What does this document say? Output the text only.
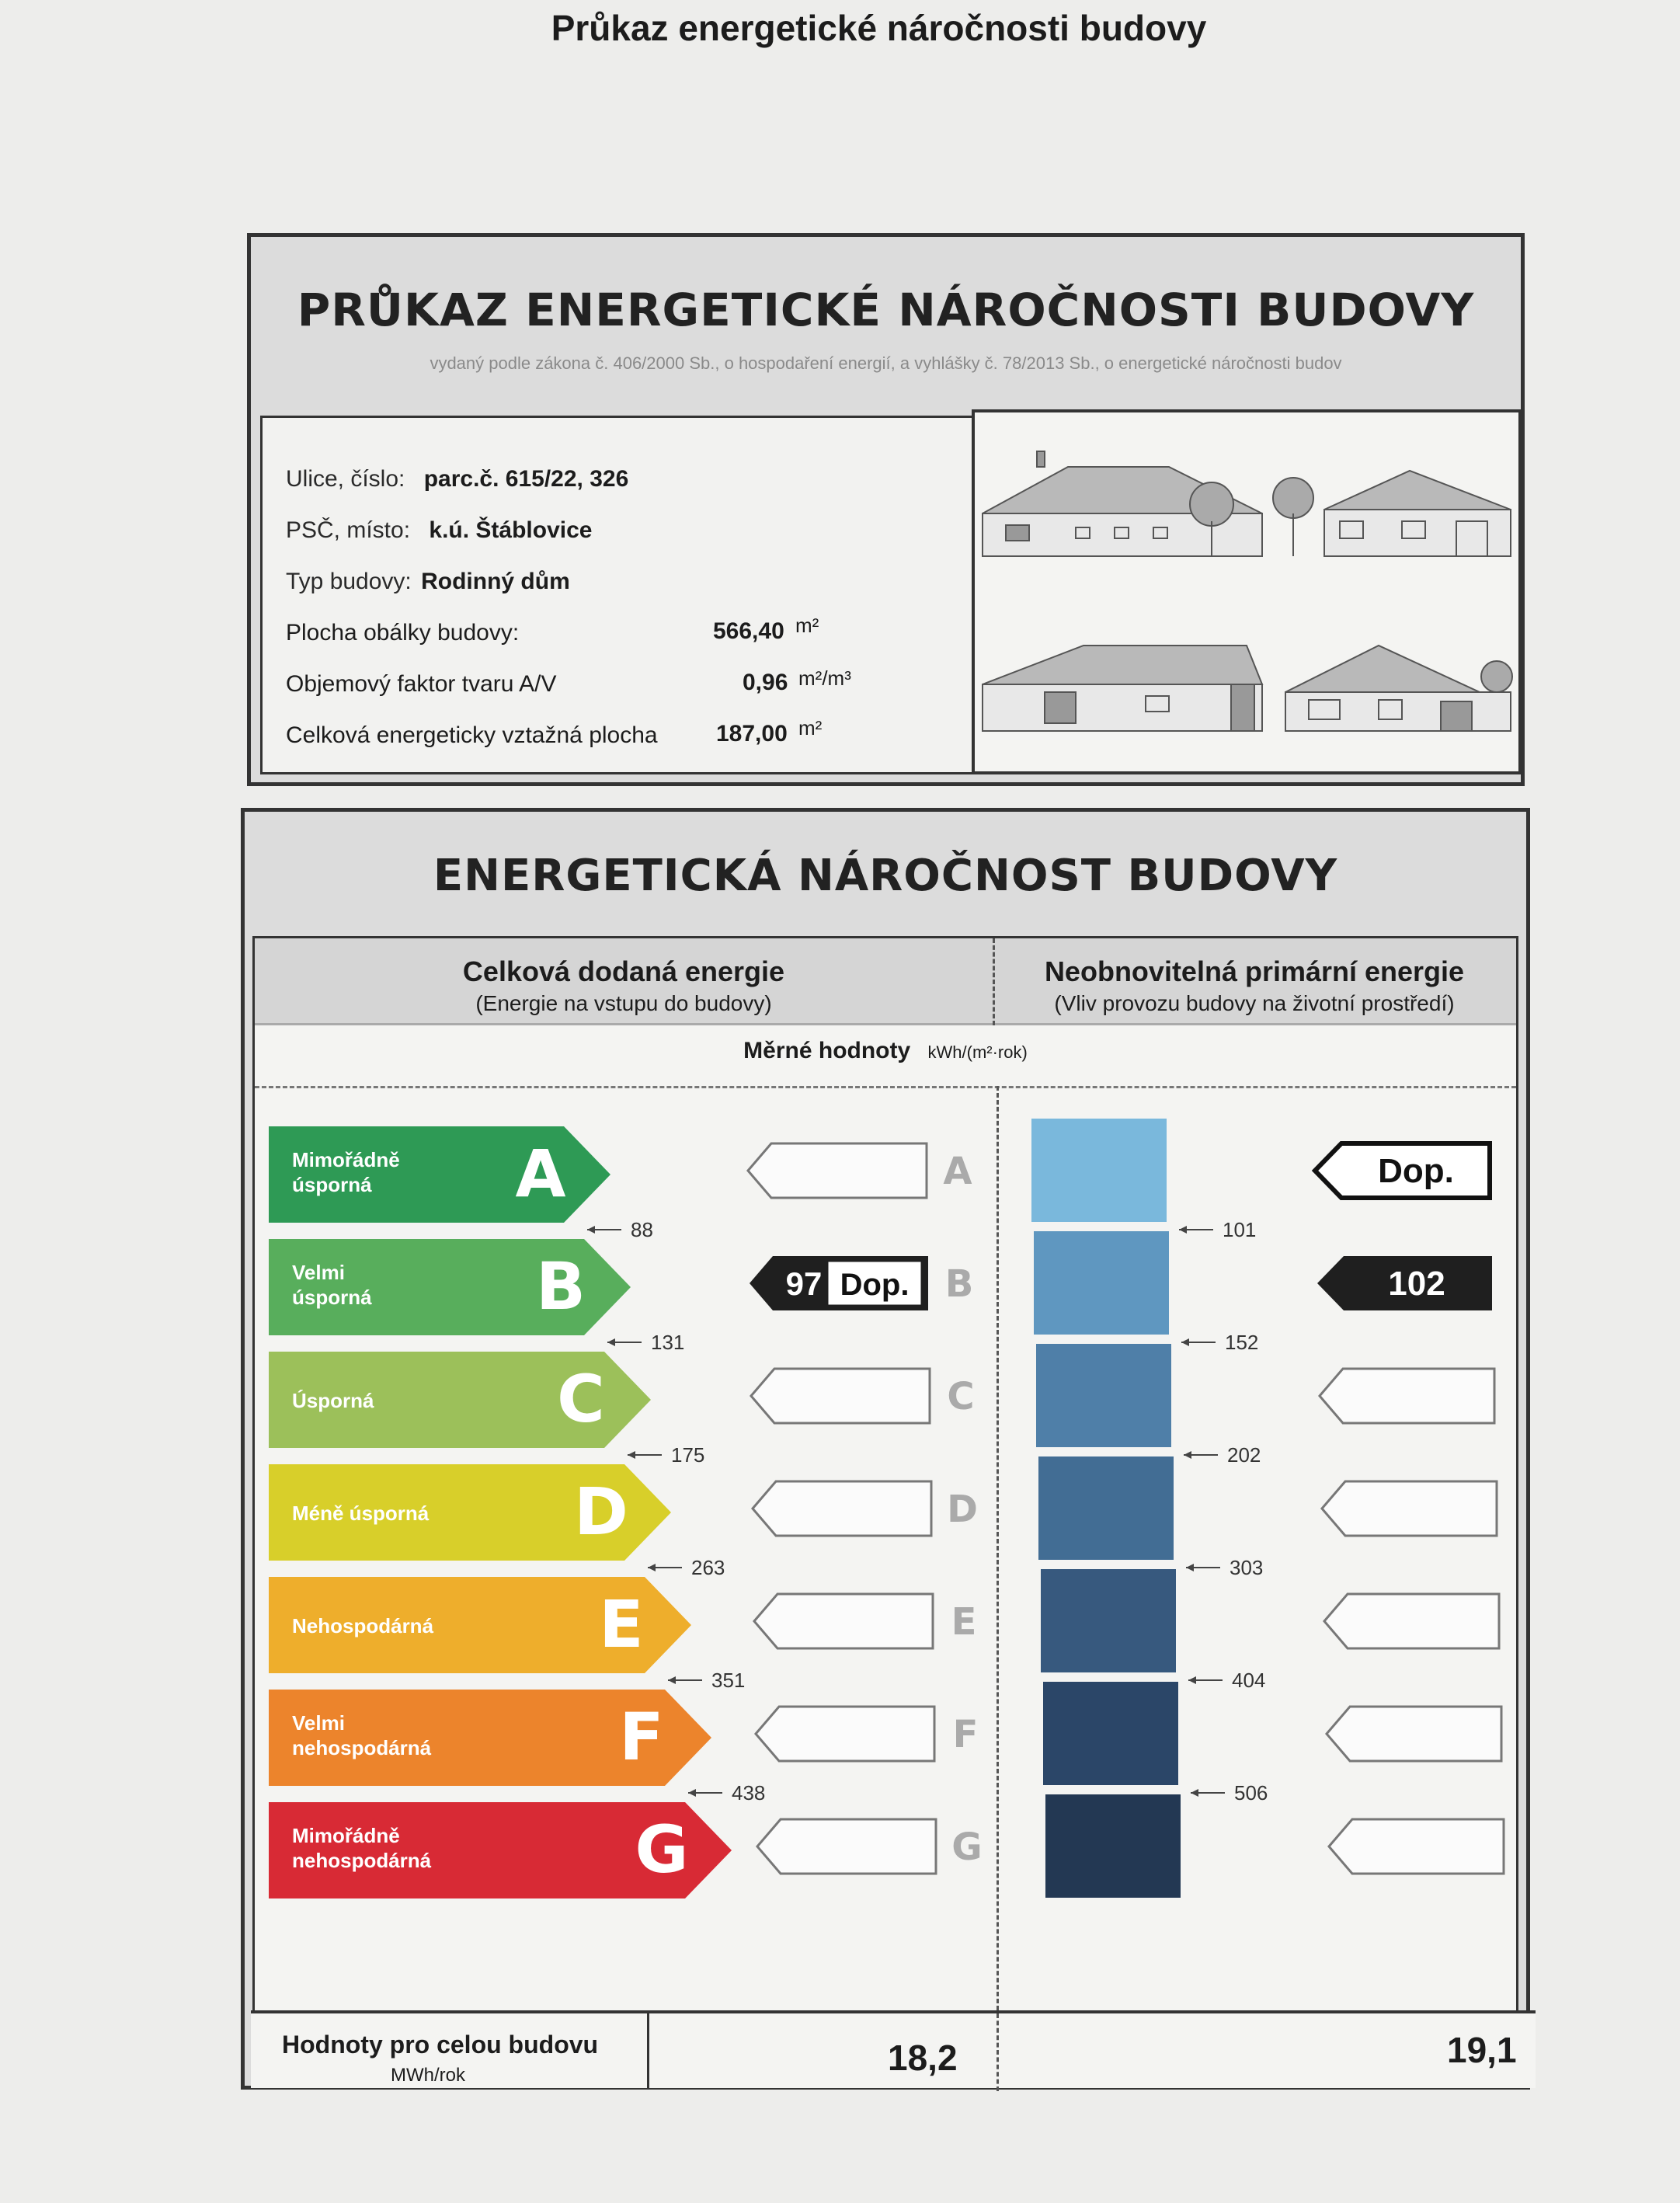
Průkaz energetické náročnosti budovy
PRŮKAZ ENERGETICKÉ NÁROČNOSTI BUDOVY
vydaný podle zákona č. 406/2000 Sb., o hospodaření energií, a vyhlášky č. 78/2013 Sb., o energetické náročnosti budov
Ulice, číslo: parc.č. 615/22, 326
PSČ, místo: k.ú. Štáblovice
Typ budovy: Rodinný dům
Plocha obálky budovy:	566,40 m²
Objemový faktor tvaru A/V	0,96 m²/m³
Celková energeticky vztažná plocha	187,00 m²
ENERGETICKÁ NÁROČNOST BUDOVY
Celková dodaná energie
(Energie na vstupu do budovy)
Neobnovitelná primární energie
(Vliv provozu budovy na životní prostředí)
Měrné hodnoty kWh/(m²·rok)
Mimořádně
úsporná A	A	Dop.
Velmi
úsporná	B	97 Dop. B	102
Úsporná	C	C
Méně úsporná D	D
Nehospodárná	E	E
Velmi
nehospodárná	F	F
Mimořádně
nehospodárná	G	G
88	101
131	152
175	202
263	303
351	404
438	506
Hodnoty pro celou budovu
MWh/rok	18,2	19,1
